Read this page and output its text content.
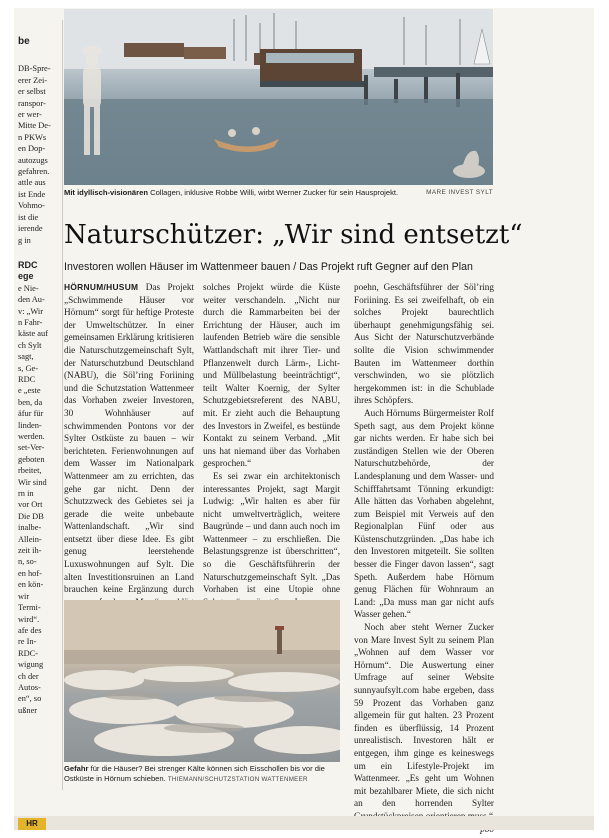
be
DB-Spre-
erer Zei-
er selbst
ranspor-
er wer-
Mitte De-
n PKWs
en Dop-
autozugs
gefahren.
attle aus
ist Ende
Vohmo-
ist die
ierende
g in
RDC
ege
e Nie-
den Au-
v: „Wir
n Fahr-
käste auf
ch Sylt
sagt,
s, Ge-
RDC
e „este
ben, da
äfur für
linden-
werden.
set-Ver-
geboten
rbeitet,
Wir sind
rn in
vor Ort
Die DB
inalbe-
Allein-
zeit ih-
n, so-
en hof-
en kön-
wir
Termi-
wird“.
afe des
re In-
RDC-
wigung
ch der
Autos-
en“, so
ußner
Mit idyllisch-visionären Collagen, inklusive Robbe Willi, wirbt Werner Zucker für sein Hausprojekt.	MARE INVEST SYLT
Naturschützer: „Wir sind entsetzt“
Investoren wollen Häuser im Wattenmeer bauen / Das Projekt ruft Gegner auf den Plan

HÖRNUM/HUSUM Das Projekt „Schwimmende Häuser vor Hörnum“ sorgt für heftige Proteste der Umweltschützer. In einer gemeinsamen Erklärung kritisieren die Naturschutzgemeinschaft Sylt, der Naturschutzbund Deutschland (NABU), die Söl’ring Foriining und die Schutzstation Wattenmeer das Vorhaben zweier Investoren, 30 Wohnhäuser auf schwimmenden Pontons vor der Sylter Ostküste zu bauen – wir berichteten. Ferienwohnungen auf dem Wasser im Nationalpark Wattenmeer am zu errichten, das gehe gar nicht. Denn der Schutzzweck des Gebietes sei ja gerade die weite unbebaute Wattenlandschaft. „Wir sind entsetzt über diese Idee. Es gibt genug leerstehende Luxuswohnungen auf Sylt. Die alten Investitionsruinen an Land brauchen keine Ergänzung durch

solches Projekt würde die Küste weiter verschandeln. „Nicht nur durch die Rammarbeiten bei der Errichtung der Häuser, auch im laufenden Betrieb wäre die sensible Wattlandschaft mit ihrer Tier- und Pflanzenwelt durch Lärm-, Licht- und Müllbelastung beeinträchtigt“, teilt Walter Koernig, der Sylter Schutzgebietsreferent des NABU, mit. Er zieht auch die Behauptung des Investors in Zweifel, es bestünde Kontakt zu seinem Verband. „Mit uns hat niemand über das Vorhaben gesprochen.“

Es sei zwar ein architektonisch interessantes Projekt, sagt Margit Ludwig: „Wir halten es aber für nicht umweltverträglich, weitere Baugründe – und dann auch noch im Wattenmeer – zu erschließen. Die Belastungsgrenze ist überschritten“, so die Geschäftsführerin der Naturschutzgemeinschaft Sylt. „Das Vorhaben ist eine Utopie ohne

poehn, Geschäftsführer der Söl’ring Foriining. Es sei zweifelhaft, ob ein solches Projekt baurechtlich überhaupt genehmigungsfähig sei. Aus Sicht der Naturschutzverbände sollte die Vision schwimmender Bauten im Wattenmeer dorthin verschwinden, wo sie plötzlich hergekommen ist: in die Schublade ihres Schöpfers.

Auch Hörnums Bürgermeister Rolf Speth sagt, aus dem Projekt könne gar nichts werden. Er habe sich bei zuständigen Stellen wie der Oberen Naturschutzbehörde, der Landesplanung und dem Wasser- und Schifffahrtsamt Tönning erkundigt: Alle hätten das Vorhaben abgelehnt, zum Beispiel mit Verweis auf den Regionalplan Fünf oder aus Küstenschutzgründen. „Das habe ich den Investoren mitgeteilt. Sie sollten besser die Finger davon lassen“, sagt Speth. Außerdem habe Hörnum genug Flächen für Wohnraum an Land: „Da muss man gar nicht aufs Wasser gehen.“

Noch aber steht Werner Zucker von Mare Invest Sylt zu seinem Plan „Wohnen auf dem Wasser vor Hörnum“. Die Auswertung einer Umfrage auf seiner Website sunnyaufsylt.com habe ergeben, dass 59 Prozent das Vorhaben ganz allgemein für gut halten. 23 Prozent finden es überflüssig, 14 Prozent unrealistisch. Investoren hält er entgegen, ihm ginge es keineswegs um ein Lifestyle-Projekt im Wattenmeer. „Es geht um Wohnen mit bezahlbarer Miete, die sich nicht an den horrenden Sylter

Gefahr für die Häuser? Bei strenger Kälte können sich Eisschollen bis vor die Ostküste in Hörnum schieben. THIEMANN/SCHUTZSTATION WATTENMEER
HR
